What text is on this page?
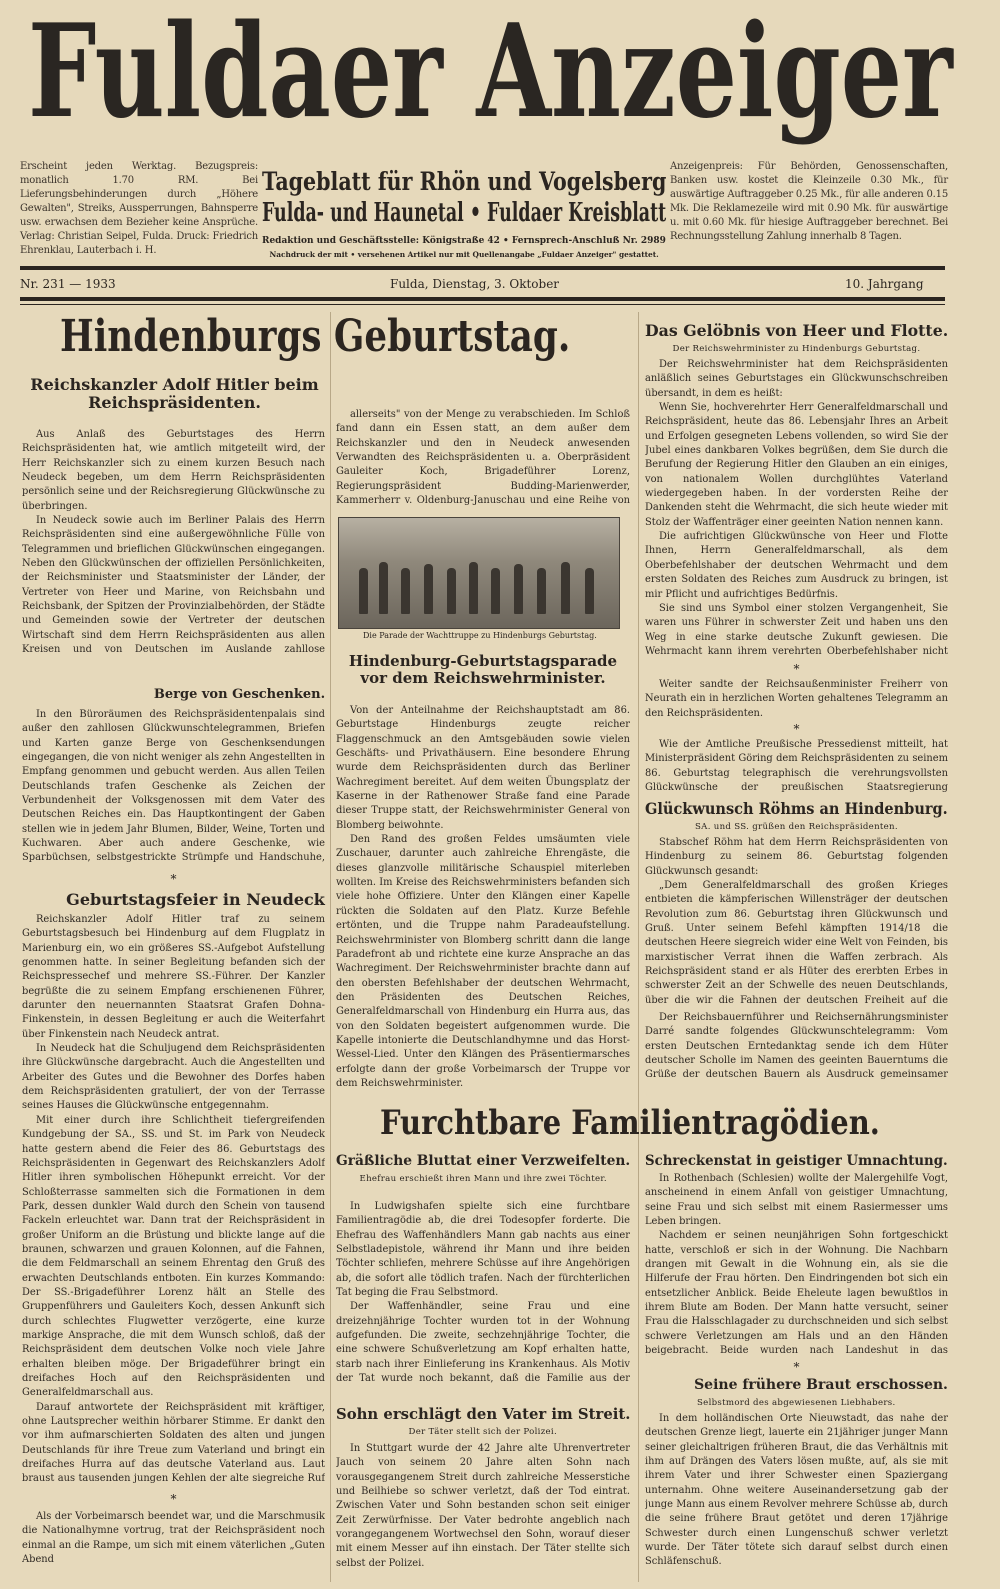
Fuldaer Anzeiger
Erscheint jeden Werktag. Bezugspreis: monatlich 1.70 RM. Bei Lieferungsbehinderungen durch „Höhere Gewalten", Streiks, Aussperrungen, Bahnsperre usw. erwachsen dem Bezieher keine Ansprüche. Verlag: Christian Seipel, Fulda. Druck: Friedrich Ehrenklau, Lauterbach i. H.
Tageblatt für Rhön und Vogelsberg
Fulda- und Haunetal • Fuldaer Kreisblatt
Redaktion und Geschäftsstelle: Königstraße 42 • Fernsprech-Anschluß Nr. 2989
Nachdruck der mit • versehenen Artikel nur mit Quellenangabe „Fuldaer Anzeiger" gestattet.
Anzeigenpreis: Für Behörden, Genossenschaften, Banken usw. kostet die Kleinzeile 0.30 Mk., für auswärtige Auftraggeber 0.25 Mk., für alle anderen 0.15 Mk. Die Reklamezeile wird mit 0.90 Mk. für auswärtige u. mit 0.60 Mk. für hiesige Auftraggeber berechnet. Bei Rechnungsstellung Zahlung innerhalb 8 Tagen.
Nr. 231 — 1933	Fulda, Dienstag, 3. Oktober	10. Jahrgang
Hindenburgs Geburtstag.
Reichskanzler Adolf Hitler beim Reichspräsidenten.

Aus Anlaß des Geburtstages des Herrn Reichspräsidenten hat, wie amtlich mitgeteilt wird, der Herr Reichskanzler sich zu einem kurzen Besuch nach Neudeck begeben, um dem Herrn Reichspräsidenten persönlich seine und der Reichsregierung Glückwünsche zu überbringen.

In Neudeck sowie auch im Berliner Palais des Herrn Reichspräsidenten sind eine außergewöhnliche Fülle von Telegrammen und brieflichen Glückwünschen eingegangen. Neben den Glückwünschen der offiziellen Persönlichkeiten, der Reichsminister und Staatsminister der Länder, der Vertreter von Heer und Marine, von Reichsbahn und Reichsbank, der Spitzen der Provinzialbehörden, der Städte und Gemeinden sowie der Vertreter der deutschen Wirtschaft sind dem Herrn Reichspräsidenten aus allen Kreisen und von Deutschen im Auslande zahllose

Berge von Geschenken.

In den Büroräumen des Reichspräsidentenpalais sind außer den zahllosen Glückwunschtelegrammen, Briefen und Karten ganze Berge von Geschenksendungen eingegangen, die von nicht weniger als zehn Angestellten in Empfang genommen und gebucht werden. Aus allen Teilen Deutschlands trafen Geschenke als Zeichen der Verbundenheit der Volksgenossen mit dem Vater des Deutschen Reiches ein. Das Hauptkontingent der Gaben stellen wie in jedem Jahr Blumen, Bilder, Weine, Torten und Kuchwaren. Aber auch andere Geschenke, wie Sparbüchsen, selbstgestrickte Strümpfe und Handschuhe,

*
Geburtstagsfeier in Neudeck

Reichskanzler Adolf Hitler traf zu seinem Geburtstagsbesuch bei Hindenburg auf dem Flugplatz in Marienburg ein, wo ein größeres SS.-Aufgebot Aufstellung genommen hatte. In seiner Begleitung befanden sich der Reichspressechef und mehrere SS.-Führer. Der Kanzler begrüßte die zu seinem Empfang erschienenen Führer, darunter den neuernannten Staatsrat Grafen Dohna-Finkenstein, in dessen Begleitung er auch die Weiterfahrt über Finkenstein nach Neudeck antrat.

In Neudeck hat die Schuljugend dem Reichspräsidenten ihre Glückwünsche dargebracht. Auch die Angestellten und Arbeiter des Gutes und die Bewohner des Dorfes haben dem Reichspräsidenten gratuliert, der von der Terrasse seines Hauses die Glückwünsche entgegennahm.

Mit einer durch ihre Schlichtheit tiefergreifenden Kundgebung der SA., SS. und St. im Park von Neudeck hatte gestern abend die Feier des 86. Geburtstags des Reichspräsidenten in Gegenwart des Reichskanzlers Adolf Hitler ihren symbolischen Höhepunkt erreicht. Vor der Schloßterrasse sammelten sich die Formationen in dem Park, dessen dunkler Wald durch den Schein von tausend Fackeln erleuchtet war. Dann trat der Reichspräsident in großer Uniform an die Brüstung und blickte lange auf die braunen, schwarzen und grauen Kolonnen, auf die Fahnen, die dem Feldmarschall an seinem Ehrentag den Gruß des erwachten Deutschlands entboten. Ein kurzes Kommando: Der SS.-Brigadeführer Lorenz hält an Stelle des Gruppenführers und Gauleiters Koch, dessen Ankunft sich durch schlechtes Flugwetter verzögerte, eine kurze markige Ansprache, die mit dem Wunsch schloß, daß der Reichspräsident dem deutschen Volke noch viele Jahre erhalten bleiben möge. Der Brigadeführer bringt ein dreifaches Hoch auf den Reichspräsidenten und Generalfeldmarschall aus.

Darauf antwortete der Reichspräsident mit kräftiger, ohne Lautsprecher weithin hörbarer Stimme. Er dankt den vor ihm aufmarschierten Soldaten des alten und jungen Deutschlands für ihre Treue zum Vaterland und bringt ein dreifaches Hurra auf das deutsche Vaterland aus. Laut braust aus tausenden jungen Kehlen der alte siegreiche Ruf

*

Als der Vorbeimarsch beendet war, und die Marschmusik die Nationalhymne vortrug, trat der Reichspräsident noch einmal an die Rampe, um sich mit einem väterlichen „Guten Abend

allerseits" von der Menge zu verabschieden. Im Schloß fand dann ein Essen statt, an dem außer dem Reichskanzler und den in Neudeck anwesenden Verwandten des Reichspräsidenten u. a. Oberpräsident Gauleiter Koch, Brigadeführer Lorenz, Regierungspräsident Budding-Marienwerder, Kammerherr v. Oldenburg-Januschau und eine Reihe von

Die Parade der Wachttruppe zu Hindenburgs Geburtstag.
Hindenburg-Geburtstagsparade vor dem Reichswehrminister.

Von der Anteilnahme der Reichshauptstadt am 86. Geburtstage Hindenburgs zeugte reicher Flaggenschmuck an den Amtsgebäuden sowie vielen Geschäfts- und Privathäusern. Eine besondere Ehrung wurde dem Reichspräsidenten durch das Berliner Wachregiment bereitet. Auf dem weiten Übungsplatz der Kaserne in der Rathenower Straße fand eine Parade dieser Truppe statt, der Reichswehrminister General von Blomberg beiwohnte.

Den Rand des großen Feldes umsäumten viele Zuschauer, darunter auch zahlreiche Ehrengäste, die dieses glanzvolle militärische Schauspiel miterleben wollten. Im Kreise des Reichswehrministers befanden sich viele hohe Offiziere. Unter den Klängen einer Kapelle rückten die Soldaten auf den Platz. Kurze Befehle ertönten, und die Truppe nahm Paradeaufstellung. Reichswehrminister von Blomberg schritt dann die lange Paradefront ab und richtete eine kurze Ansprache an das Wachregiment. Der Reichswehrminister brachte dann auf den obersten Befehlshaber der deutschen Wehrmacht, den Präsidenten des Deutschen Reiches, Generalfeldmarschall von Hindenburg ein Hurra aus, das von den Soldaten begeistert aufgenommen wurde. Die Kapelle intonierte die Deutschlandhymne und das Horst-Wessel-Lied. Unter den Klängen des Präsentiermarsches erfolgte dann der große Vorbeimarsch der Truppe vor dem Reichswehrminister.

Furchtbare Familientragödien.
Gräßliche Bluttat einer Verzweifelten.
Ehefrau erschießt ihren Mann und ihre zwei Töchter.

In Ludwigshafen spielte sich eine furchtbare Familientragödie ab, die drei Todesopfer forderte. Die Ehefrau des Waffenhändlers Mann gab nachts aus einer Selbstladepistole, während ihr Mann und ihre beiden Töchter schliefen, mehrere Schüsse auf ihre Angehörigen ab, die sofort alle tödlich trafen. Nach der fürchterlichen Tat beging die Frau Selbstmord.

Der Waffenhändler, seine Frau und eine dreizehnjährige Tochter wurden tot in der Wohnung aufgefunden. Die zweite, sechzehnjährige Tochter, die eine schwere Schußverletzung am Kopf erhalten hatte, starb nach ihrer Einlieferung ins Krankenhaus. Als Motiv der Tat wurde noch bekannt, daß die Familie aus der

Sohn erschlägt den Vater im Streit.
Der Täter stellt sich der Polizei.

In Stuttgart wurde der 42 Jahre alte Uhrenvertreter Jauch von seinem 20 Jahre alten Sohn nach vorausgegangenem Streit durch zahlreiche Messerstiche und Beilhiebe so schwer verletzt, daß der Tod eintrat. Zwischen Vater und Sohn bestanden schon seit einiger Zeit Zerwürfnisse. Der Vater bedrohte angeblich nach vorangegangenem Wortwechsel den Sohn, worauf dieser mit einem Messer auf ihn einstach. Der Täter stellte sich selbst der Polizei.

Das Gelöbnis von Heer und Flotte.
Der Reichswehrminister zu Hindenburgs Geburtstag.

Der Reichswehrminister hat dem Reichspräsidenten anläßlich seines Geburtstages ein Glückwunschschreiben übersandt, in dem es heißt:

Wenn Sie, hochverehrter Herr Generalfeldmarschall und Reichspräsident, heute das 86. Lebensjahr Ihres an Arbeit und Erfolgen gesegneten Lebens vollenden, so wird Sie der Jubel eines dankbaren Volkes begrüßen, dem Sie durch die Berufung der Regierung Hitler den Glauben an ein einiges, von nationalem Wollen durchglühtes Vaterland wiedergegeben haben. In der vordersten Reihe der Dankenden steht die Wehrmacht, die sich heute wieder mit Stolz der Waffenträger einer geeinten Nation nennen kann.

Die aufrichtigen Glückwünsche von Heer und Flotte Ihnen, Herrn Generalfeldmarschall, als dem Oberbefehlshaber der deutschen Wehrmacht und dem ersten Soldaten des Reiches zum Ausdruck zu bringen, ist mir Pflicht und aufrichtiges Bedürfnis.

Sie sind uns Symbol einer stolzen Vergangenheit, Sie waren uns Führer in schwerster Zeit und haben uns den Weg in eine starke deutsche Zukunft gewiesen. Die Wehrmacht kann ihrem verehrten Oberbefehlshaber nicht

*

Weiter sandte der Reichsaußenminister Freiherr von Neurath ein in herzlichen Worten gehaltenes Telegramm an den Reichspräsidenten.

*

Wie der Amtliche Preußische Pressedienst mitteilt, hat Ministerpräsident Göring dem Reichspräsidenten zu seinem 86. Geburtstag telegraphisch die verehrungsvollsten Glückwünsche der preußischen Staatsregierung

Glückwunsch Röhms an Hindenburg.
SA. und SS. grüßen den Reichspräsidenten.

Stabschef Röhm hat dem Herrn Reichspräsidenten von Hindenburg zu seinem 86. Geburtstag folgenden Glückwunsch gesandt:

„Dem Generalfeldmarschall des großen Krieges entbieten die kämpferischen Willensträger der deutschen Revolution zum 86. Geburtstag ihren Glückwunsch und Gruß. Unter seinem Befehl kämpften 1914/18 die deutschen Heere siegreich wider eine Welt von Feinden, bis marxistischer Verrat ihnen die Waffen zerbrach. Als Reichspräsident stand er als Hüter des ererbten Erbes in schwerster Zeit an der Schwelle des neuen Deutschlands, über die wir die Fahnen der deutschen Freiheit auf die

Der Reichsbauernführer und Reichsernährungsminister Darré sandte folgendes Glückwunschtelegramm: Vom ersten Deutschen Erntedanktag sende ich dem Hüter deutscher Scholle im Namen des geeinten Bauerntums die Grüße der deutschen Bauern als Ausdruck gemeinsamer

Schreckenstat in geistiger Umnachtung.

In Rothenbach (Schlesien) wollte der Malergehilfe Vogt, anscheinend in einem Anfall von geistiger Umnachtung, seine Frau und sich selbst mit einem Rasiermesser ums Leben bringen.

Nachdem er seinen neunjährigen Sohn fortgeschickt hatte, verschloß er sich in der Wohnung. Die Nachbarn drangen mit Gewalt in die Wohnung ein, als sie die Hilferufe der Frau hörten. Den Eindringenden bot sich ein entsetzlicher Anblick. Beide Eheleute lagen bewußtlos in ihrem Blute am Boden. Der Mann hatte versucht, seiner Frau die Halsschlagader zu durchschneiden und sich selbst schwere Verletzungen am Hals und an den Händen beigebracht. Beide wurden nach Landeshut in das

*
Seine frühere Braut erschossen.
Selbstmord des abgewiesenen Liebhabers.

In dem holländischen Orte Nieuwstadt, das nahe der deutschen Grenze liegt, lauerte ein 21jähriger junger Mann seiner gleichaltrigen früheren Braut, die das Verhältnis mit ihm auf Drängen des Vaters lösen mußte, auf, als sie mit ihrem Vater und ihrer Schwester einen Spaziergang unternahm. Ohne weitere Auseinandersetzung gab der junge Mann aus einem Revolver mehrere Schüsse ab, durch die seine frühere Braut getötet und deren 17jährige Schwester durch einen Lungenschuß schwer verletzt wurde. Der Täter tötete sich darauf selbst durch einen Schläfenschuß.
